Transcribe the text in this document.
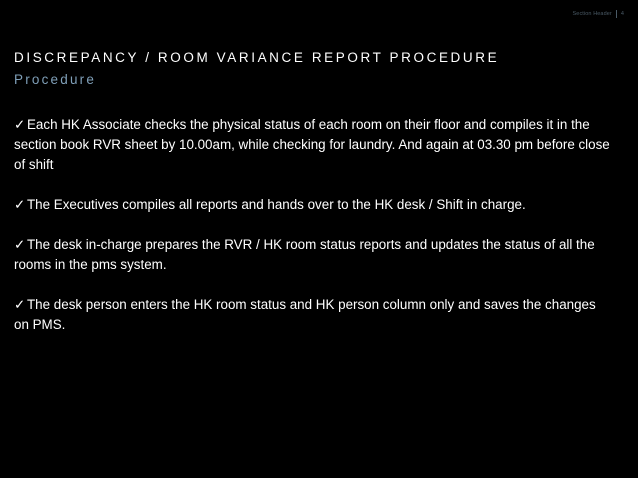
Section Header 4
DISCREPANCY / ROOM VARIANCE REPORT PROCEDURE
Procedure

✓ Each HK Associate checks the physical status of each room on their floor and compiles it in the section book RVR sheet by 10.00am, while checking for laundry. And again at 03.30 pm before close of shift

✓ The Executives compiles all reports and hands over to the HK desk / Shift in charge.

✓ The desk in-charge prepares the RVR / HK room status reports and updates the status of all the rooms in the pms system.

✓ The desk person enters the HK room status and HK person column only and saves the changes on PMS.
